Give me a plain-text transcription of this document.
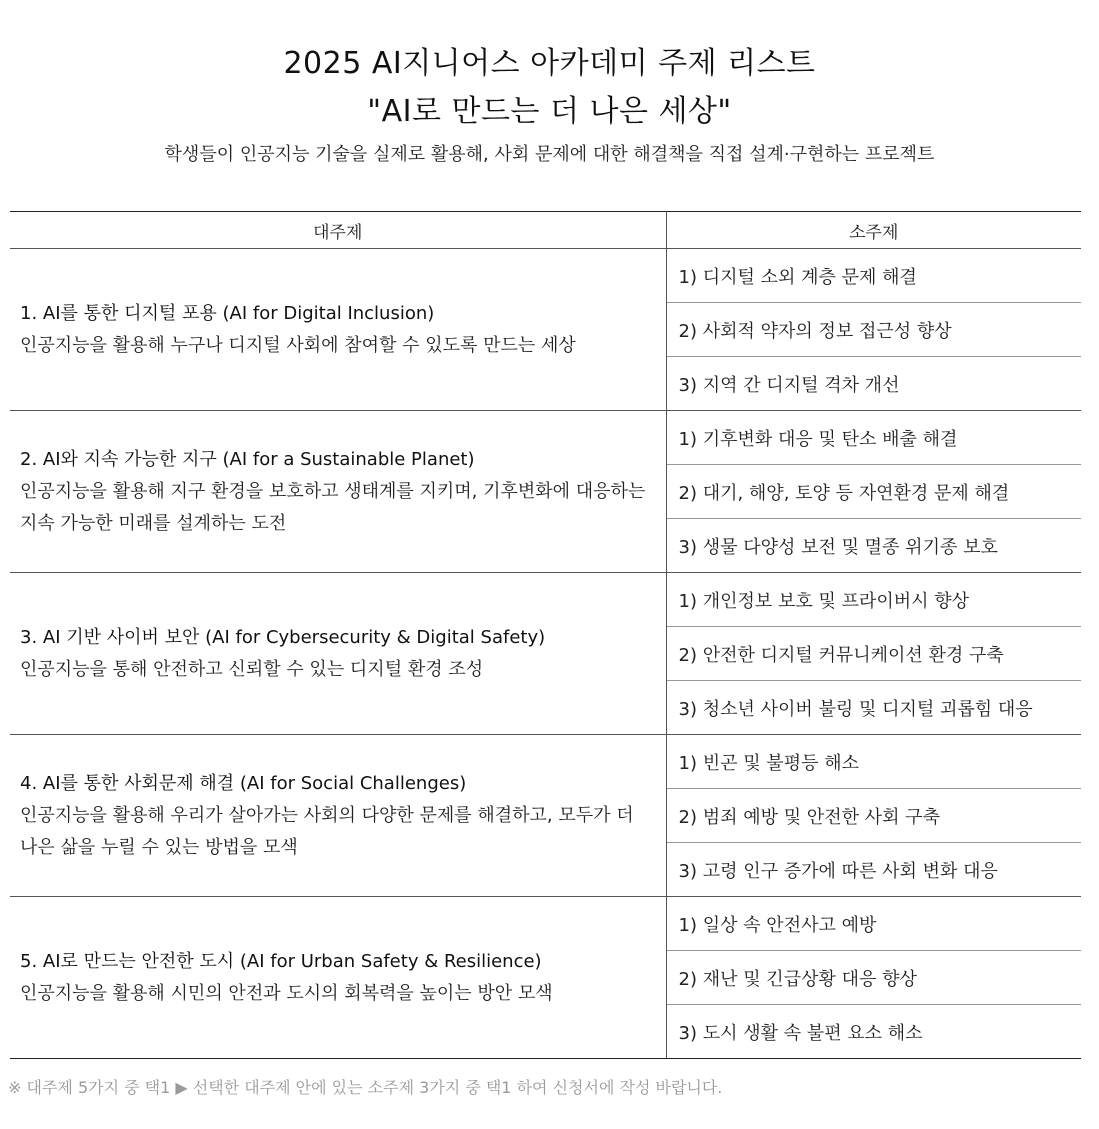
2025 AI지니어스 아카데미 주제 리스트
"AI로 만드는 더 나은 세상"
학생들이 인공지능 기술을 실제로 활용해, 사회 문제에 대한 해결책을 직접 설계·구현하는 프로젝트
대주제	소주제

1. AI를 통한 디지털 포용 (AI for Digital Inclusion)
인공지능을 활용해 누구나 디지털 사회에 참여할 수 있도록 만드는 세상	1) 디지털 소외 계층 문제 해결
	2) 사회적 약자의 정보 접근성 향상
	3) 지역 간 디지털 격차 개선

2. AI와 지속 가능한 지구 (AI for a Sustainable Planet)
인공지능을 활용해 지구 환경을 보호하고 생태계를 지키며, 기후변화에 대응하는 지속 가능한 미래를 설계하는 도전	1) 기후변화 대응 및 탄소 배출 해결
	2) 대기, 해양, 토양 등 자연환경 문제 해결
	3) 생물 다양성 보전 및 멸종 위기종 보호

3. AI 기반 사이버 보안 (AI for Cybersecurity & Digital Safety)
인공지능을 통해 안전하고 신뢰할 수 있는 디지털 환경 조성	1) 개인정보 보호 및 프라이버시 향상
	2) 안전한 디지털 커뮤니케이션 환경 구축
	3) 청소년 사이버 불링 및 디지털 괴롭힘 대응

4. AI를 통한 사회문제 해결 (AI for Social Challenges)
인공지능을 활용해 우리가 살아가는 사회의 다양한 문제를 해결하고, 모두가 더 나은 삶을 누릴 수 있는 방법을 모색	1) 빈곤 및 불평등 해소
	2) 범죄 예방 및 안전한 사회 구축
	3) 고령 인구 증가에 따른 사회 변화 대응

5. AI로 만드는 안전한 도시 (AI for Urban Safety & Resilience)
인공지능을 활용해 시민의 안전과 도시의 회복력을 높이는 방안 모색	1) 일상 속 안전사고 예방
	2) 재난 및 긴급상황 대응 향상
	3) 도시 생활 속 불편 요소 해소
※ 대주제 5가지 중 택1 ▶ 선택한 대주제 안에 있는 소주제 3가지 중 택1 하여 신청서에 작성 바랍니다.
